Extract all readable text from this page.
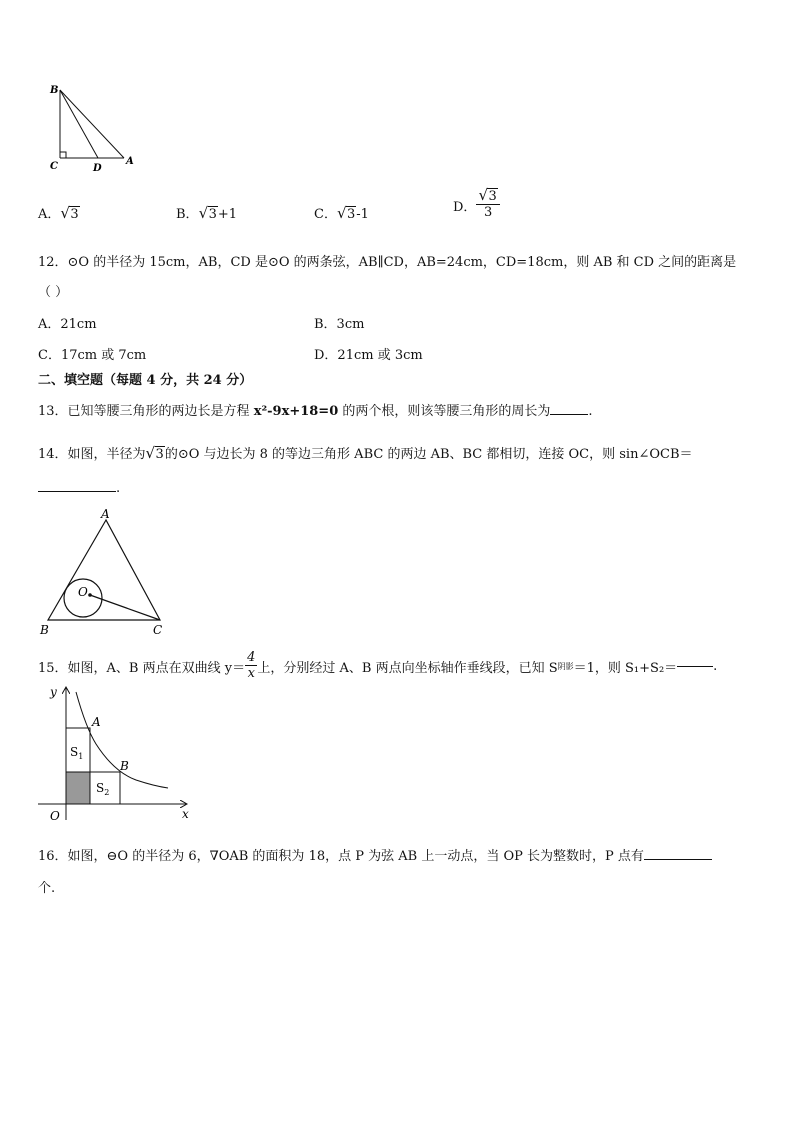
B
C	D
A
A． √ 3	B． √ 3+1	C． √ 3-1	D． $\frac{√ 3}{3}$
12．⊙O 的半径为 15cm，AB，CD 是⊙O 的两条弦，AB∥CD，AB=24cm，CD=18cm，则 AB 和 CD 之间的距离是
（ ）
A．21cm	B．3cm
C．17cm 或 7cm	D．21cm 或 3cm
二、填空题（每题 4 分，共 24 分）
13．已知等腰三角形的两边长是方程 x²-9x+18=0 的两个根，则该等腰三角形的周长为	.
14．如图，半径为 √ 3的⊙O 与边长为 8 的等边三角形 ABC 的两边 AB、BC 都相切，连接 OC，则 sin∠OCB＝
.
A
B	C
O
15．如图，A、B 两点在双曲线 $y= \frac{4}{x}$ 上，分别经过 A、B 两点向坐标轴作垂线段，已知 S阴影＝1，则 S₁+S₂＝	.
y
x
O
A
B
$S_1$
$S_2$
16．如图，⊖O 的半径为 6，∇OAB 的面积为 18，点 P 为弦 AB 上一动点，当 OP 长为整数时，P 点有
个.
